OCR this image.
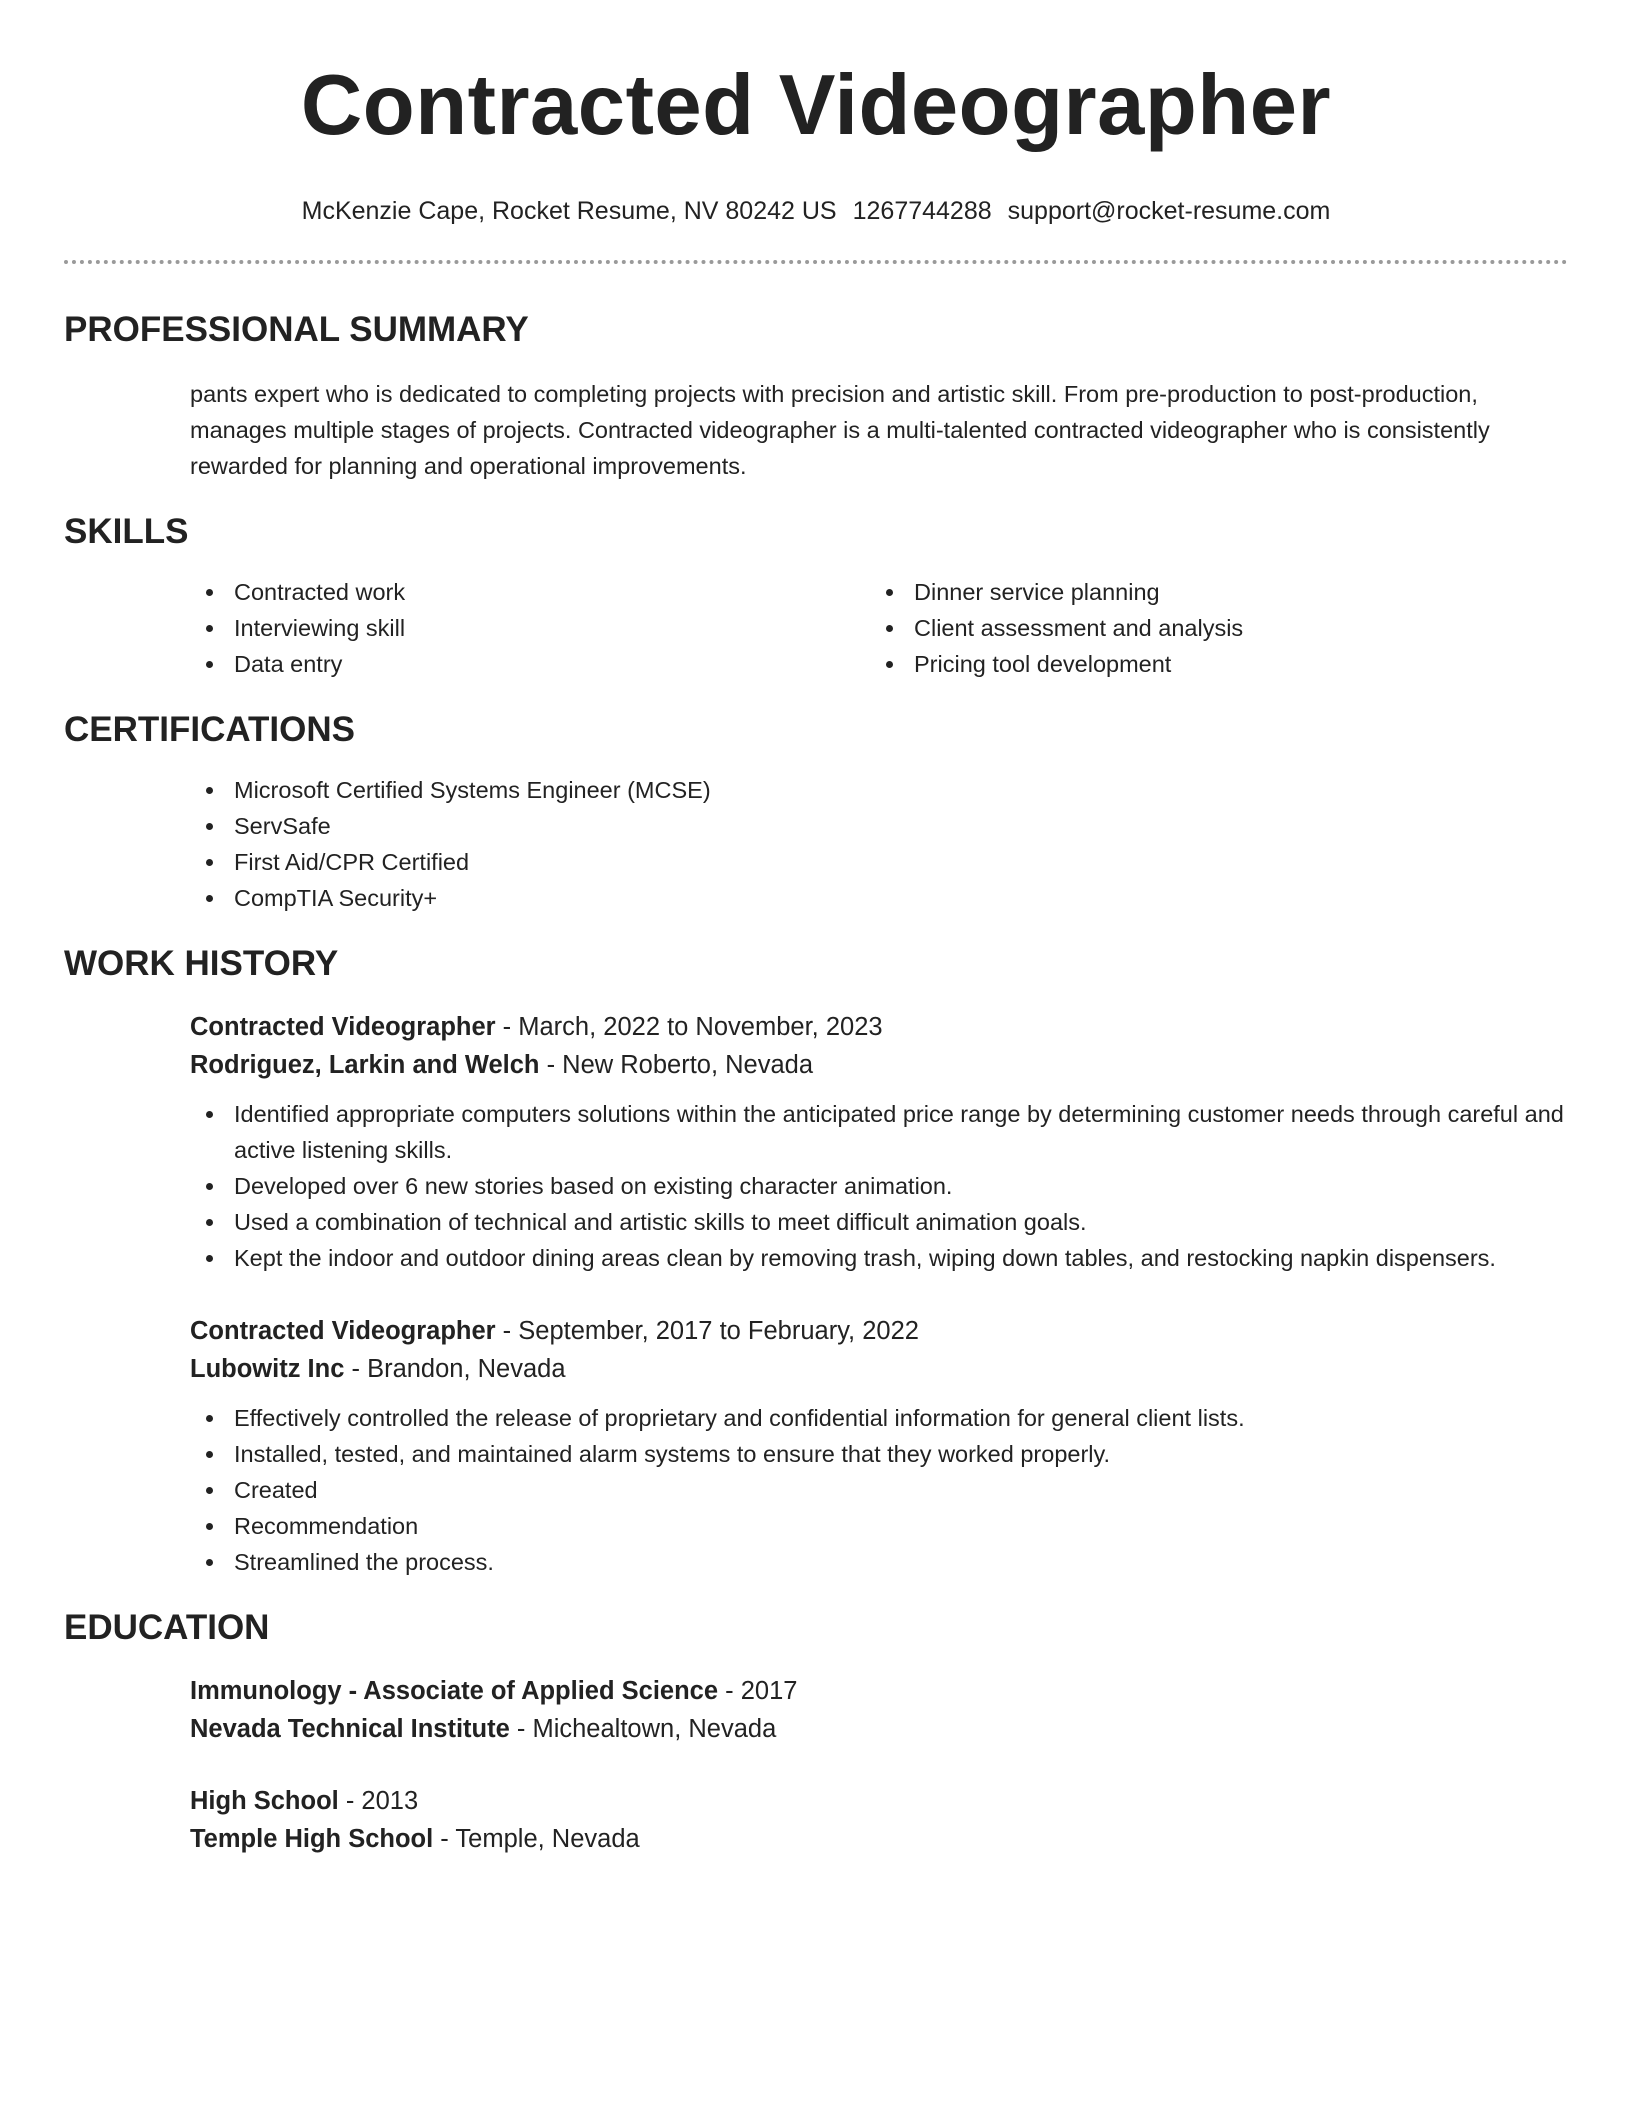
Contracted Videographer
McKenzie Cape, Rocket Resume, NV 80242 US 1267744288 support@rocket-resume.com
PROFESSIONAL SUMMARY

pants expert who is dedicated to completing projects with precision and artistic skill. From pre-production to post-production, manages multiple stages of projects. Contracted videographer is a multi-talented contracted videographer who is consistently rewarded for planning and operational improvements.

SKILLS
Contracted work
Interviewing skill
Data entry
Dinner service planning
Client assessment and analysis
Pricing tool development
CERTIFICATIONS
Microsoft Certified Systems Engineer (MCSE)
ServSafe
First Aid/CPR Certified
CompTIA Security+
WORK HISTORY
Contracted Videographer - March, 2022 to November, 2023
Rodriguez, Larkin and Welch - New Roberto, Nevada
Identified appropriate computers solutions within the anticipated price range by determining customer needs through careful and active listening skills.
Developed over 6 new stories based on existing character animation.
Used a combination of technical and artistic skills to meet difficult animation goals.
Kept the indoor and outdoor dining areas clean by removing trash, wiping down tables, and restocking napkin dispensers.
Contracted Videographer - September, 2017 to February, 2022
Lubowitz Inc - Brandon, Nevada
Effectively controlled the release of proprietary and confidential information for general client lists.
Installed, tested, and maintained alarm systems to ensure that they worked properly.
Created
Recommendation
Streamlined the process.
EDUCATION
Immunology - Associate of Applied Science - 2017
Nevada Technical Institute - Michealtown, Nevada
High School - 2013
Temple High School - Temple, Nevada
